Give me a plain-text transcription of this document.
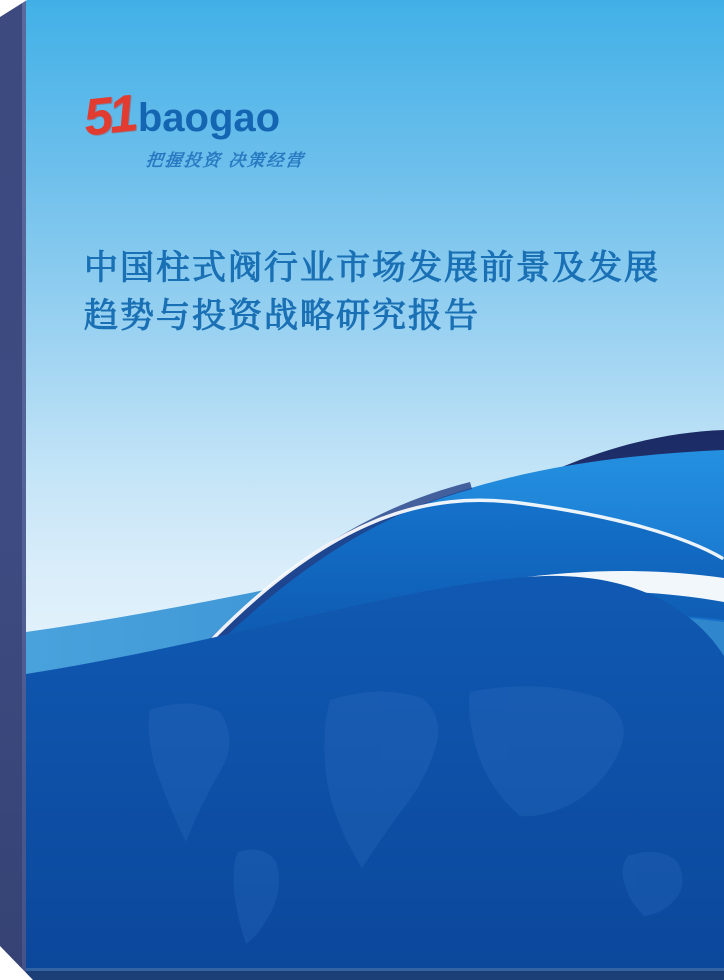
51 baogao
把握投资 决策经营
中国柱式阀行业市场发展前景及发展
趋势与投资战略研究报告
